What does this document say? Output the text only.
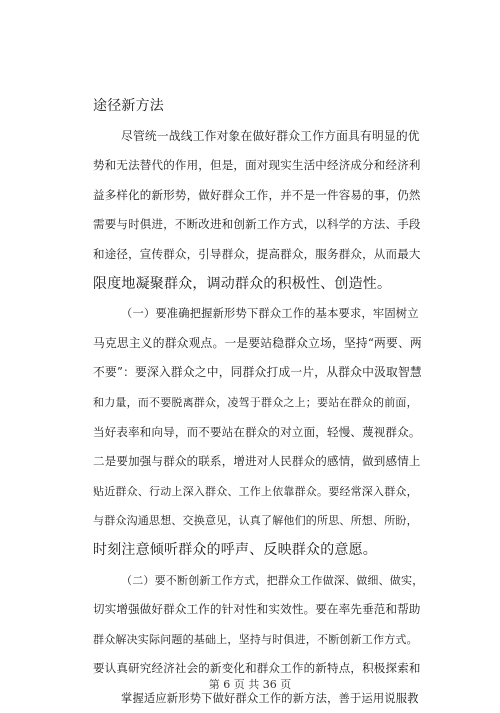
途径新方法
尽管统一战线工作对象在做好群众工作方面具有明显的优
势和无法替代的作用，但是，面对现实生活中经济成分和经济利
益多样化的新形势，做好群众工作，并不是一件容易的事，仍然
需要与时俱进，不断改进和创新工作方式，以科学的方法、手段
和途径，宣传群众，引导群众，提高群众，服务群众，从而最大
限度地凝聚群众，调动群众的积极性、创造性。
（一）要准确把握新形势下群众工作的基本要求，牢固树立
马克思主义的群众观点。一是要站稳群众立场，坚持“两要、两
不要”：要深入群众之中，同群众打成一片，从群众中汲取智慧
和力量，而不要脱离群众，凌驾于群众之上；要站在群众的前面，
当好表率和向导，而不要站在群众的对立面，轻慢、蔑视群众。
二是要加强与群众的联系，增进对人民群众的感情，做到感情上
贴近群众、行动上深入群众、工作上依靠群众。要经常深入群众，
与群众沟通思想、交换意见，认真了解他们的所思、所想、所盼，
时刻注意倾听群众的呼声、反映群众的意愿。
（二）要不断创新工作方式，把群众工作做深、做细、做实，
切实增强做好群众工作的针对性和实效性。要在率先垂范和帮助
群众解决实际问题的基础上，坚持与时俱进，不断创新工作方式。
要认真研究经济社会的新变化和群众工作的新特点，积极探索和
掌握适应新形势下做好群众工作的新方法，善于运用说服教
第 6 页 共 36 页
